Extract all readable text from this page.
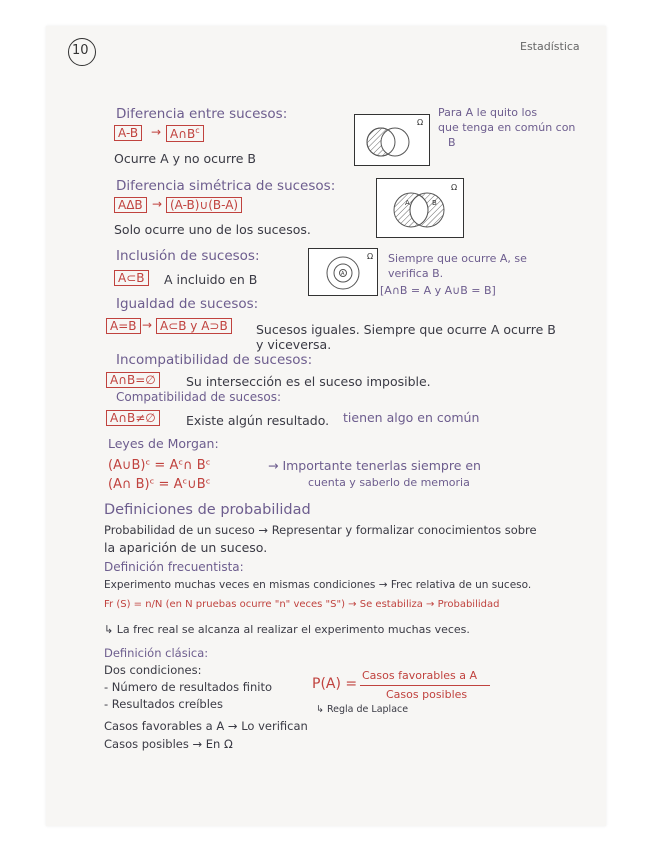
10	Estadística
Diferencia entre sucesos:
A-B	→ $A\cap B^c$
Ocurre A y no ocurre B
Ω
Para A le quito los
que tenga en común con
B
Diferencia simétrica de sucesos:
AΔB → (A-B)∪(B-A)
Solo ocurre uno de los sucesos.
A	B
Ω
Inclusión de sucesos:
A⊂B	A incluido en B	A
Ω Siempre que ocurre A, se
verifica B.
[A∩B = A y A∪B = B]
Igualdad de sucesos:
A=B → A⊂B y A⊃B	Sucesos iguales. Siempre que ocurre A ocurre B
y viceversa.
Incompatibilidad de sucesos:
A∩B=∅	Su intersección es el suceso imposible.
Compatibilidad de sucesos:
A∩B≠∅	Existe algún resultado. tienen algo en común
Leyes de Morgan:
(A∪B)ᶜ = Aᶜ∩ Bᶜ
(A∩ B)ᶜ = Aᶜ∪Bᶜ
→ Importante tenerlas siempre en
cuenta y saberlo de memoria
Definiciones de probabilidad
Probabilidad de un suceso → Representar y formalizar conocimientos sobre
la aparición de un suceso.
Definición frecuentista:
Experimento muchas veces en mismas condiciones → Frec relativa de un suceso.
Fr (S) = n/N (en N pruebas ocurre "n" veces "S") → Se estabiliza → Probabilidad
↳ La frec real se alcanza al realizar el experimento muchas veces.
Definición clásica:
Dos condiciones:
- Número de resultados finito
- Resultados creíbles
P(A) =
Casos favorables a A
Casos posibles
↳ Regla de Laplace
Casos favorables a A → Lo verifican
Casos posibles → En Ω
